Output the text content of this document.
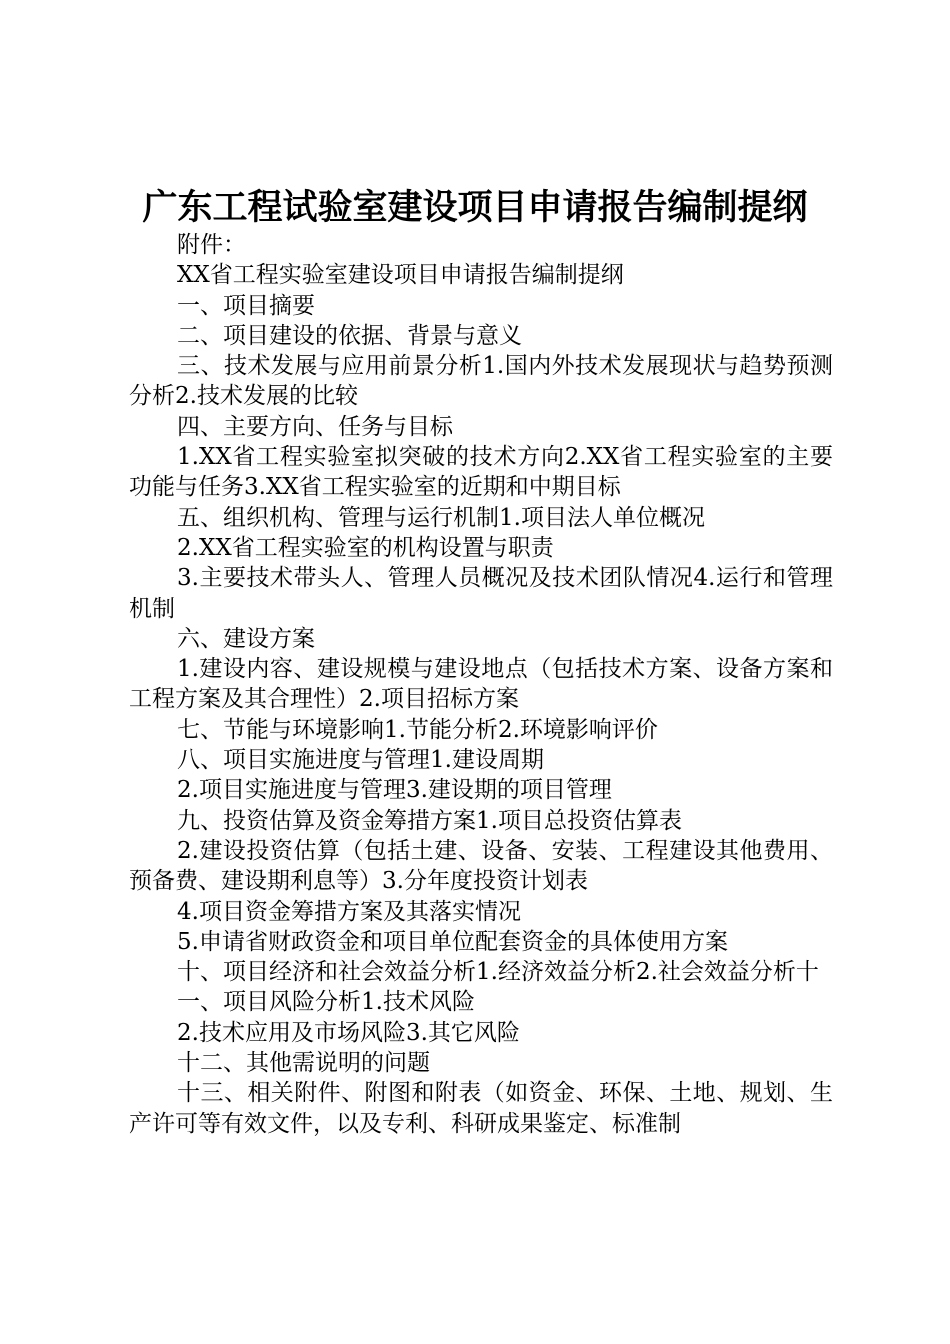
广东工程试验室建设项目申请报告编制提纲

附件：

XX省工程实验室建设项目申请报告编制提纲

一、项目摘要

二、项目建设的依据、背景与意义

三、技术发展与应用前景分析1.国内外技术发展现状与趋势预测分析2.技术发展的比较

四、主要方向、任务与目标

1.XX省工程实验室拟突破的技术方向2.XX省工程实验室的主要功能与任务3.XX省工程实验室的近期和中期目标

五、组织机构、管理与运行机制1.项目法人单位概况

2.XX省工程实验室的机构设置与职责

3.主要技术带头人、管理人员概况及技术团队情况4.运行和管理机制

六、建设方案

1.建设内容、建设规模与建设地点（包括技术方案、设备方案和工程方案及其合理性）2.项目招标方案

七、节能与环境影响1.节能分析2.环境影响评价

八、项目实施进度与管理1.建设周期

2.项目实施进度与管理3.建设期的项目管理

九、投资估算及资金筹措方案1.项目总投资估算表

2.建设投资估算（包括土建、设备、安装、工程建设其他费用、预备费、建设期利息等）3.分年度投资计划表

4.项目资金筹措方案及其落实情况

5.申请省财政资金和项目单位配套资金的具体使用方案

十、项目经济和社会效益分析1.经济效益分析2.社会效益分析十

一、项目风险分析1.技术风险

2.技术应用及市场风险3.其它风险

十二、其他需说明的问题

十三、相关附件、附图和附表（如资金、环保、土地、规划、生产许可等有效文件，以及专利、科研成果鉴定、标准制
